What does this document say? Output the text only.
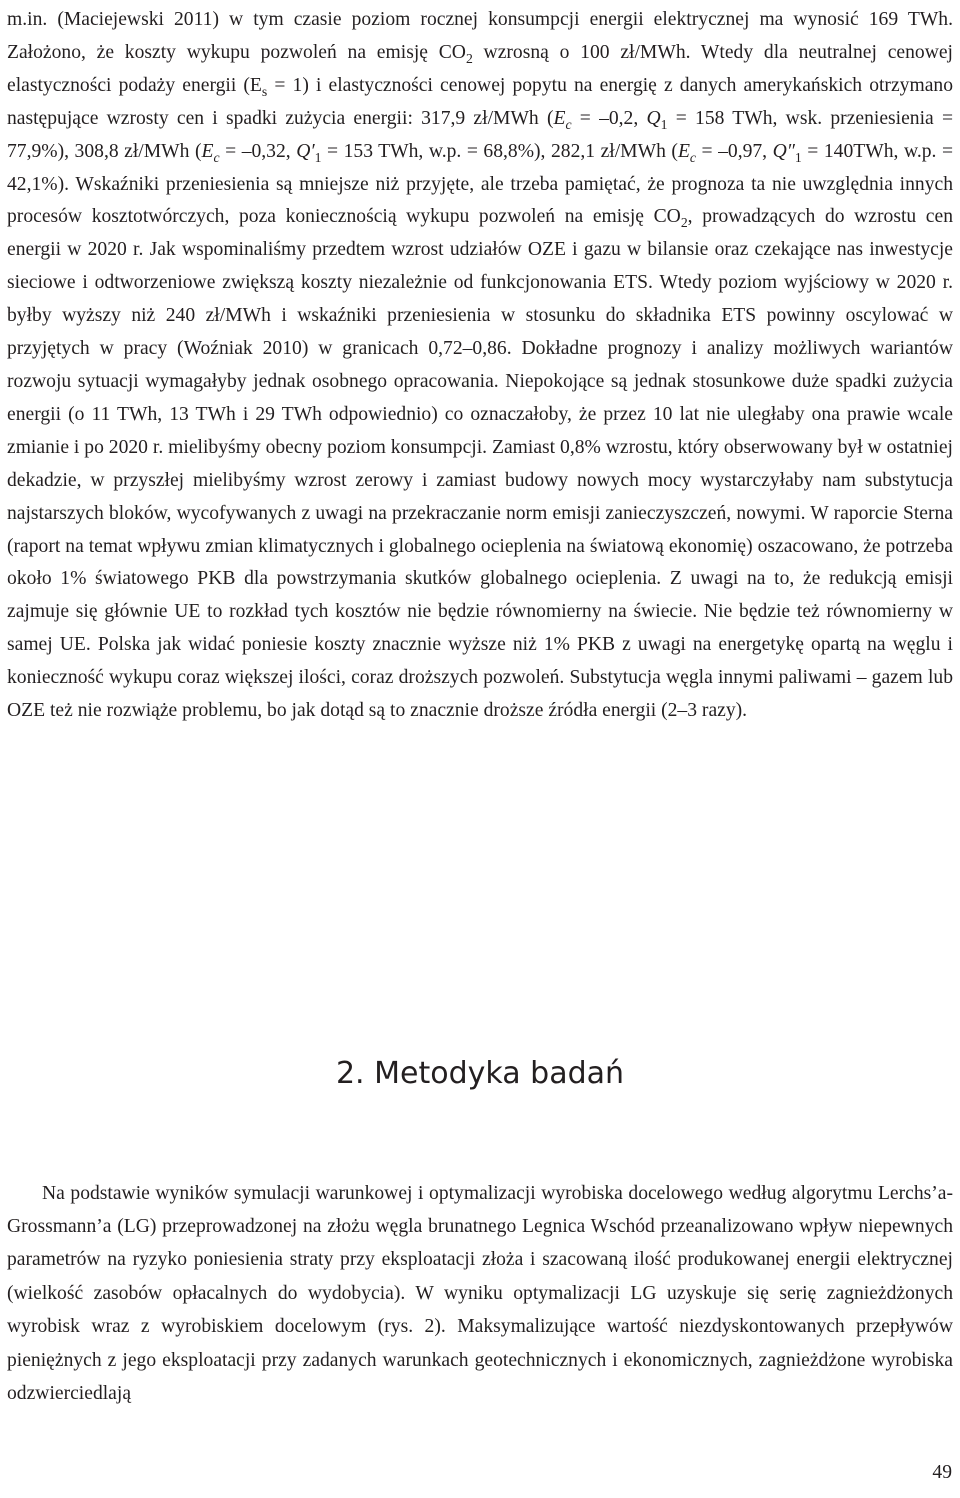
m.in. (Maciejewski 2011) w tym czasie poziom rocznej konsumpcji energii elektrycznej ma wynosić 169 TWh. Założono, że koszty wykupu pozwoleń na emisję $CO_2$ wzrosną o 100 zł/MWh. Wtedy dla neutralnej cenowej elastyczności podaży energii $(E_s = 1)$ i elastyczności cenowej popytu na energię z danych amerykańskich otrzymano następujące wzrosty cen i spadki zużycia energii: 317,9 zł/MWh ($E_c = -0,2$, $Q_1 = 158$ TWh, wsk. przeniesienia = 77,9%), 308,8 zł/MWh ($E_c = -0,32$, $Q'_1 = 153$ TWh, w.p. = 68,8%), 282,1 zł/MWh ($E_c = -0,97$, $Q''_1 = 140TWh$, w.p. = 42,1%). Wskaźniki przeniesienia są mniejsze niż przyjęte, ale trzeba pamiętać, że prognoza ta nie uwzględnia innych procesów kosztotwórczych, poza koniecznością wykupu pozwoleń na emisję $CO_2$, prowadzących do wzrostu cen energii w 2020 r. Jak wspominaliśmy przedtem wzrost udziałów OZE i gazu w bilansie oraz czekające nas inwestycje sieciowe i odtworzeniowe zwiększą koszty niezależnie od funkcjonowania ETS. Wtedy poziom wyjściowy w 2020 r. byłby wyższy niż 240 zł/MWh i wskaźniki przeniesienia w stosunku do składnika ETS powinny oscylować w przyjętych w pracy (Woźniak 2010) w granicach 0,72–0,86. Dokładne prognozy i analizy możliwych wariantów rozwoju sytuacji wymagałyby jednak osobnego opracowania. Niepokojące są jednak stosunkowe duże spadki zużycia energii (o 11 TWh, 13 TWh i 29 TWh odpowiednio) co oznaczałoby, że przez 10 lat nie uległaby ona prawie wcale zmianie i po 2020 r. mielibyśmy obecny poziom konsumpcji. Zamiast 0,8% wzrostu, który obserwowany był w ostatniej dekadzie, w przyszłej mielibyśmy wzrost zerowy i zamiast budowy nowych mocy wystarczyłaby nam substytucja najstarszych bloków, wycofywanych z uwagi na przekraczanie norm emisji zanieczyszczeń, nowymi. W raporcie Sterna (raport na temat wpływu zmian klimatycznych i globalnego ocieplenia na światową ekonomię) oszacowano, że potrzeba około 1% światowego PKB dla powstrzymania skutków globalnego ocieplenia. Z uwagi na to, że redukcją emisji zajmuje się głównie UE to rozkład tych kosztów nie będzie równomierny na świecie. Nie będzie też równomierny w samej UE. Polska jak widać poniesie koszty znacznie wyższe niż 1% PKB z uwagi na energetykę opartą na węglu i konieczność wykupu coraz większej ilości, coraz droższych pozwoleń. Substytucja węgla innymi paliwami – gazem lub OZE też nie rozwiąże problemu, bo jak dotąd są to znacznie droższe źródła energii (2–3 razy).

2. Metodyka badań

Na podstawie wyników symulacji warunkowej i optymalizacji wyrobiska docelowego według algorytmu Lerchs’a-Grossmann’a (LG) przeprowadzonej na złożu węgla brunatnego Legnica Wschód przeanalizowano wpływ niepewnych parametrów na ryzyko poniesienia straty przy eksploatacji złoża i szacowaną ilość produkowanej energii elektrycznej (wielkość zasobów opłacalnych do wydobycia). W wyniku optymalizacji LG uzyskuje się serię zagnieżdżonych wyrobisk wraz z wyrobiskiem docelowym (rys. 2). Maksymalizujące wartość niezdyskontowanych przepływów pieniężnych z jego eksploatacji przy zadanych warunkach geotechnicznych i ekonomicznych, zagnieżdżone wyrobiska odzwierciedlają

49
